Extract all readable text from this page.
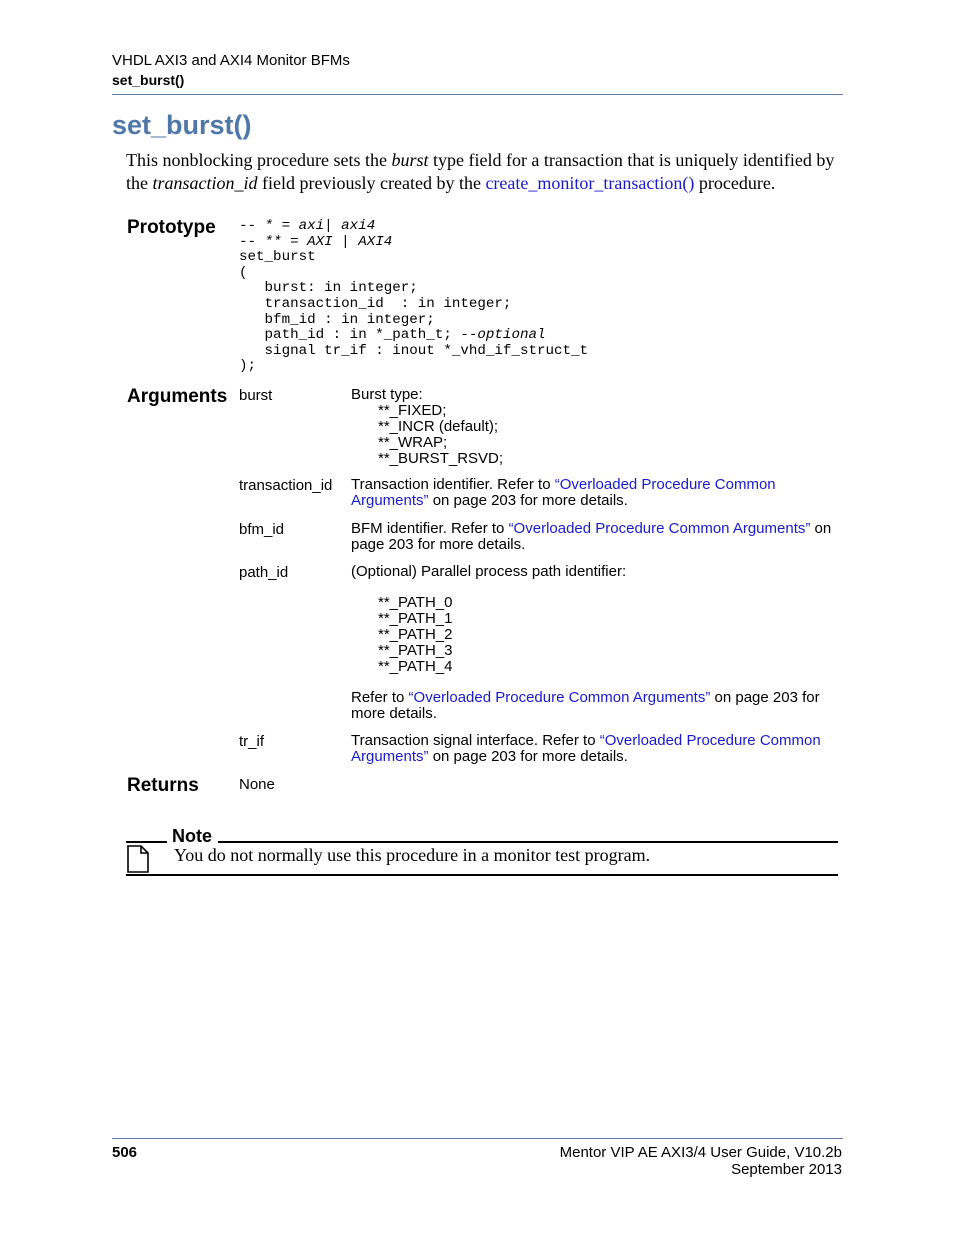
VHDL AXI3 and AXI4 Monitor BFMs
set_burst()
set_burst()
This nonblocking procedure sets the burst type field for a transaction that is uniquely identified by the transaction_id field previously created by the create_monitor_transaction() procedure.
Prototype -- * = axi| axi4
-- ** = AXI | AXI4
set_burst
(
burst: in integer;
transaction_id  : in integer;
bfm_id : in integer;
path_id : in *_path_t; --optional
signal tr_if : inout *_vhd_if_struct_t
);
Arguments burst	Burst type:
**_FIXED;
**_INCR (default);
**_WRAP;
**_BURST_RSVD;
transaction_id Transaction identifier. Refer to “Overloaded Procedure Common Arguments” on page 203 for more details.
bfm_id	BFM identifier. Refer to “Overloaded Procedure Common Arguments” on page 203 for more details.
path_id	(Optional) Parallel process path identifier:
**_PATH_0
**_PATH_1
**_PATH_2
**_PATH_3
**_PATH_4
Refer to “Overloaded Procedure Common Arguments” on page 203 for more details.
tr_if	Transaction signal interface. Refer to “Overloaded Procedure Common Arguments” on page 203 for more details.
Returns	None
Note
You do not normally use this procedure in a monitor test program.
506	Mentor VIP AE AXI3/4 User Guide, V10.2b
September 2013
